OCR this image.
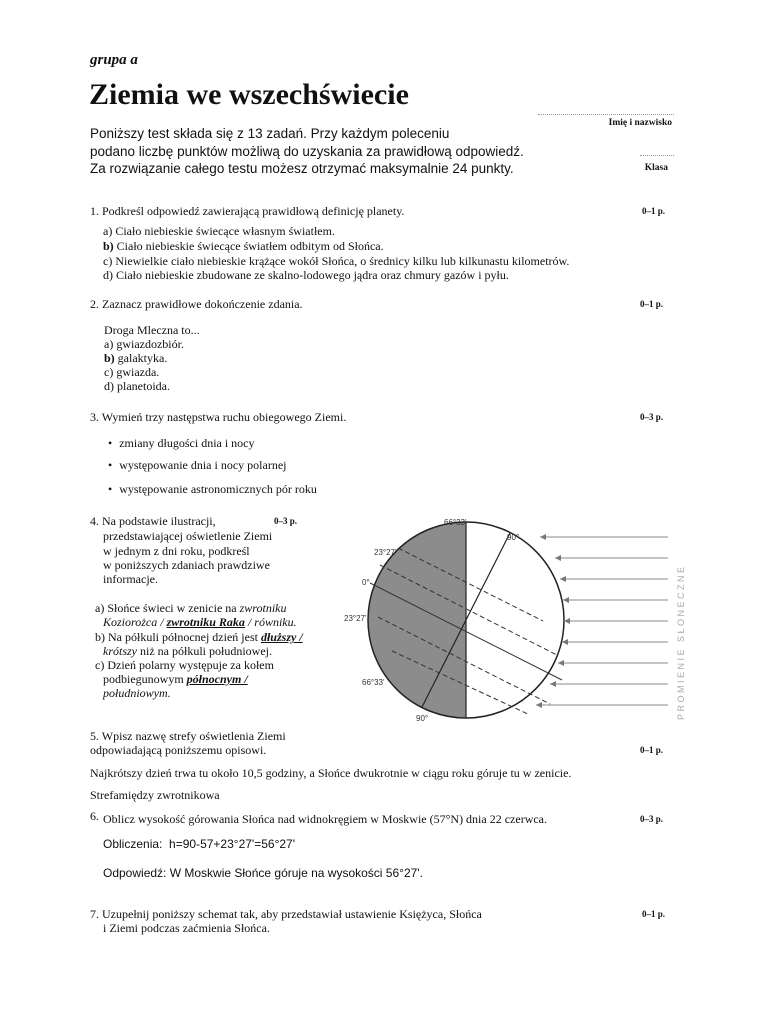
grupa a
Ziemia we wszechświecie
Imię i nazwisko
Klasa
Poniższy test składa się z 13 zadań. Przy każdym poleceniu
podano liczbę punktów możliwą do uzyskania za prawidłową odpowiedź.
Za rozwiązanie całego testu możesz otrzymać maksymalnie 24 punkty.
1. Podkreśl odpowiedź zawierającą prawidłową definicję planety.	0–1 p.
a) Ciało niebieskie świecące własnym światłem.
b) Ciało niebieskie świecące światłem odbitym od Słońca.
c) Niewielkie ciało niebieskie krążące wokół Słońca, o średnicy kilku lub kilkunastu kilometrów.
d) Ciało niebieskie zbudowane ze skalno-lodowego jądra oraz chmury gazów i pyłu.
2. Zaznacz prawidłowe dokończenie zdania.	0–1 p.
Droga Mleczna to...
a) gwiazdozbiór.
b) galaktyka.
c) gwiazda.
d) planetoida.
3. Wymień trzy następstwa ruchu obiegowego Ziemi.	0–3 p.
• zmiany długości dnia i nocy
• występowanie dnia i nocy polarnej
• występowanie astronomicznych pór roku
4. Na podstawie ilustracji,	0–3 p.
przedstawiającej oświetlenie Ziemi
w jednym z dni roku, podkreśl
w poniższych zdaniach prawdziwe
informacje.
a) Słońce świeci w zenicie na zwrotniku
Koziorożca / zwrotniku Raka / równiku.
b) Na półkuli północnej dzień jest dłuższy /
krótszy niż na półkuli południowej.
c) Dzień polarny występuje za kołem
podbiegunowym północnym /
południowym.
66°33'
90°
23°27'
0°
23°27'
66°33'
90°	PROMIENIE SŁONECZNE
5. Wpisz nazwę strefy oświetlenia Ziemi
odpowiadającą poniższemu opisowi.	0–1 p.
Najkrótszy dzień trwa tu około 10,5 godziny, a Słońce dwukrotnie w ciągu roku góruje tu w zenicie.
Strefamiędzy zwrotnikowa
6. Oblicz wysokość górowania Słońca nad widnokręgiem w Moskwie (57°N) dnia 22 czerwca.	0–3 p.
Obliczenia: h=90-57+23°27'=56°27'
Odpowiedź: W Moskwie Słońce góruje na wysokości 56°27'.
7. Uzupełnij poniższy schemat tak, aby przedstawiał ustawienie Księżyca, Słońca
i Ziemi podczas zaćmienia Słońca.
0–1 p.
